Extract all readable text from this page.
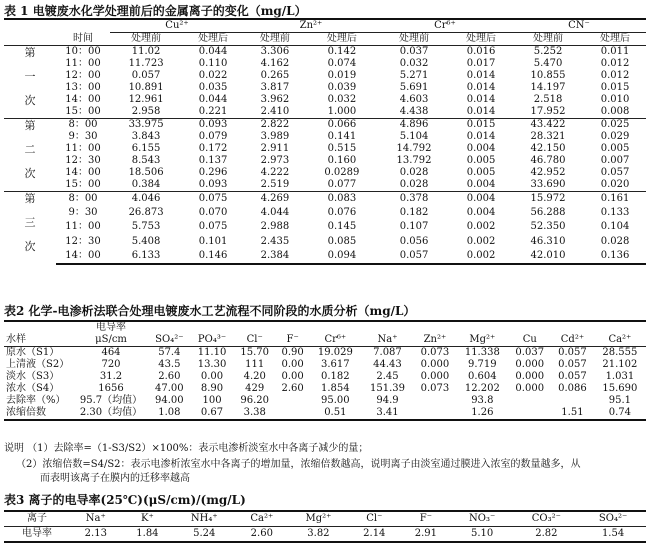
表 1 电镀废水化学处理前后的金属离子的变化（mg/L）
		Cu²⁺		Zn²⁺		Cr⁶⁺		CN⁻	
	时间	处理前	处理后	处理前	处理后	处理前	处理后	处理前	处理后

第
一
次	10：00	11.02	0.044	3.306	0.142	0.037	0.016	5.252	0.011
	11：00	11.723	0.110	4.162	0.074	0.032	0.017	5.470	0.012
	12：00	0.057	0.022	0.265	0.019	5.271	0.014	10.855	0.012
	13：00	10.891	0.035	3.817	0.039	5.691	0.014	14.197	0.015
	14：00	12.961	0.044	3.962	0.032	4.603	0.014	2.518	0.010
	15：00	2.958	0.221	2.410	1.000	4.438	0.014	17.952	0.008

第
二
次	8：00	33.975	0.093	2.822	0.066	4.896	0.015	43.422	0.025
	9：30	3.843	0.079	3.989	0.141	5.104	0.014	28.321	0.029
	11：00	6.155	0.172	2.911	0.515	14.792	0.004	42.150	0.005
	12：30	8.543	0.137	2.973	0.160	13.792	0.005	46.780	0.007
	14：00	18.506	0.296	4.222	0.0289	0.028	0.005	42.952	0.057
	15：00	0.384	0.093	2.519	0.077	0.028	0.004	33.690	0.020

第
三
次	8：00	4.046	0.075	4.269	0.083	0.378	0.004	15.972	0.161
	9：30	26.873	0.070	4.044	0.076	0.182	0.004	56.288	0.133
	11：00	5.753	0.075	2.988	0.145	0.107	0.002	52.350	0.104
	12：30	5.408	0.101	2.435	0.085	0.056	0.002	46.310	0.028
	14：00	6.133	0.146	2.384	0.094	0.057	0.002	42.010	0.136
表2 化学-电渗析法联合处理电镀废水工艺流程不同阶段的水质分析（mg/L）
水样	电导率
μS/cm	SO₄²⁻	PO₄³⁻	Cl⁻	F⁻	Cr⁶⁺	Na⁺	Zn²⁺	Mg²⁺	Cu	Cd²⁺	Ca²⁺
原水（S1）	464	57.4	11.10	15.70	0.90	19.029	7.087	0.073	11.338	0.037	0.057	28.555
上清液（S2）	720	43.5	13.30	111	0.00	3.617	44.43	0.000	9.719	0.000	0.057	21.102
淡水（S3）	31.2	2.60	0.00	4.20	0.00	0.182	2.45	0.000	0.604	0.000	0.057	1.031
浓水（S4）	1656	47.00	8.90	429	2.60	1.854	151.39	0.073	12.202	0.000	0.086	15.690
去除率（%）	95.7（均值）	94.00	100	96.20		95.00	94.9		93.8			95.1
浓缩倍数	2.30（均值）	1.08	0.67	3.38		0.51	3.41		1.26		1.51	0.74
说明 （1）去除率=（1-S3/S2）×100%：表示电渗析淡室水中各离子减少的量；
（2）浓缩倍数=S4/S2：表示电渗析浓室水中各离子的增加量，浓缩倍数越高，说明离子由淡室通过膜进入浓室的数量越多，从
而表明该离子在膜内的迁移率越高
表3 离子的电导率(25℃)(μS/cm)/(mg/L)
离子	Na⁺	K⁺	NH₄⁺	Ca²⁺	Mg²⁺	Cl⁻	F⁻	NO₃⁻	CO₃²⁻	SO₄²⁻
电导率	2.13	1.84	5.24	2.60	3.82	2.14	2.91	5.10	2.82	1.54
